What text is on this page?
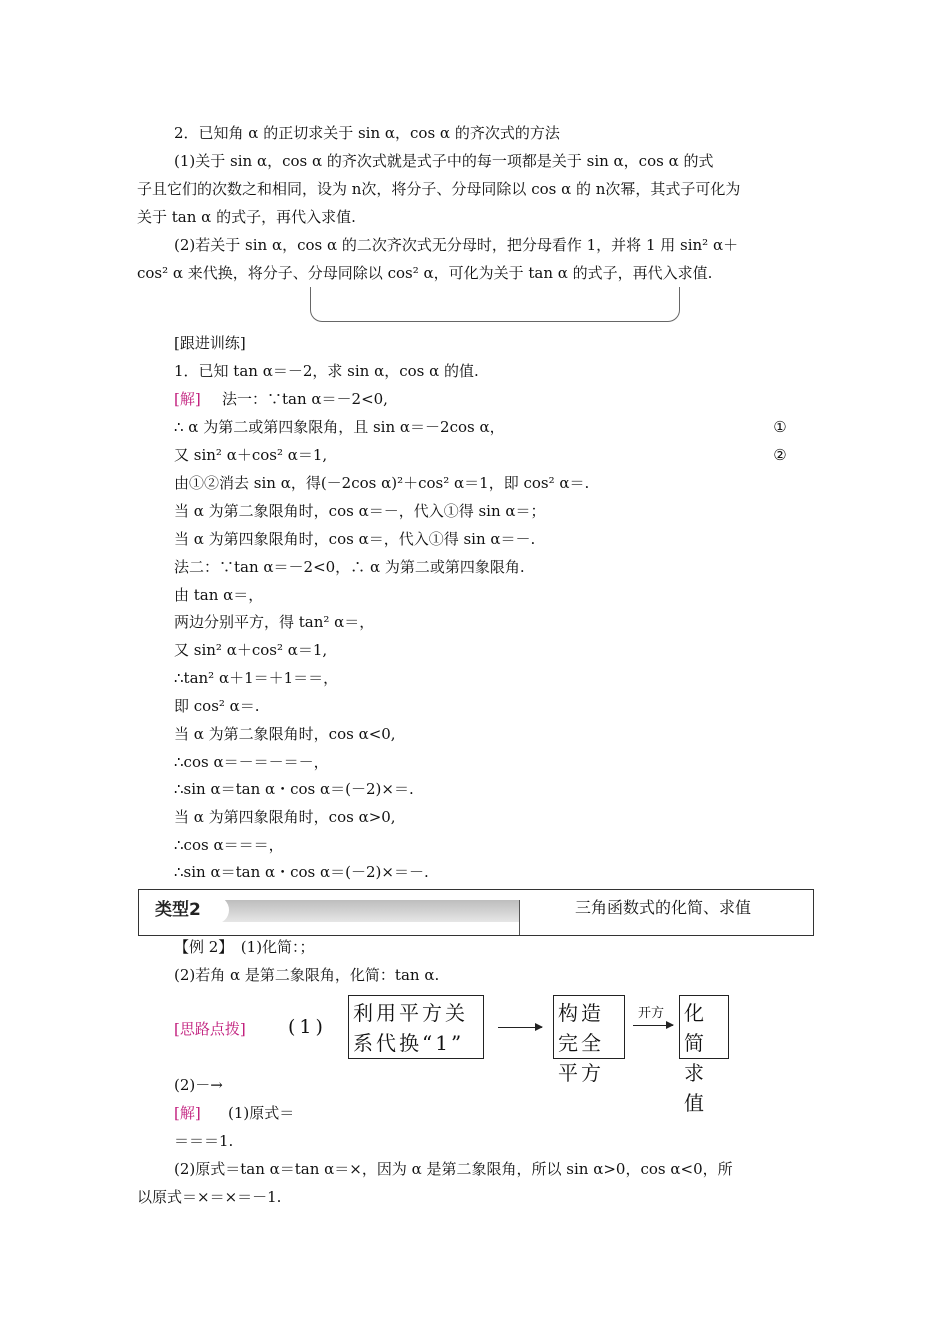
2．已知角 α 的正切求关于 sin α，cos α 的齐次式的方法
(1)关于 sin α，cos α 的齐次式就是式子中的每一项都是关于 sin α，cos α 的式
子且它们的次数之和相同，设为 n次，将分子、分母同除以 cos α 的 n次幂，其式子可化为
关于 tan α 的式子，再代入求值.
(2)若关于 sin α，cos α 的二次齐次式无分母时，把分母看作 1，并将 1 用 sin² α＋
cos² α 来代换，将分子、分母同除以 cos² α，可化为关于 tan α 的式子，再代入求值.
[跟进训练]
1．已知 tan α＝－2，求 sin α，cos α 的值.
[解] 法一：∵tan α＝－2<0,
∴ α 为第二或第四象限角，且 sin α＝－2cos α，	①
又 sin² α＋cos² α＝1,	②
由①②消去 sin α，得(－2cos α)²＋cos² α＝1，即 cos² α＝.
当 α 为第二象限角时，cos α＝－，代入①得 sin α＝；
当 α 为第四象限角时，cos α＝，代入①得 sin α＝－.
法二：∵tan α＝－2<0，∴ α 为第二或第四象限角.
由 tan α＝，
两边分别平方，得 tan² α＝，
又 sin² α＋cos² α＝1,
∴tan² α＋1＝＋1＝＝，
即 cos² α＝.
当 α 为第二象限角时，cos α<0,
∴cos α＝－＝－＝－，
∴sin α＝tan α・cos α＝(－2)×＝.
当 α 为第四象限角时，cos α>0,
∴cos α＝＝＝，
∴sin α＝tan α・cos α＝(－2)×＝－.
类型2	三角函数式的化简、求值
【例 2】　(1)化简：；
(2)若角 α 是第二象限角，化简：tan α.
[思路点拨] (1)
利用平方关系代换“1”
构造完全平方
开方 化简求值
(2)－→
[解] (1)原式＝
＝＝＝1.
(2)原式＝tan α＝tan α＝×，因为 α 是第二象限角，所以 sin α>0，cos α<0，所
以原式＝×＝×＝－1.
